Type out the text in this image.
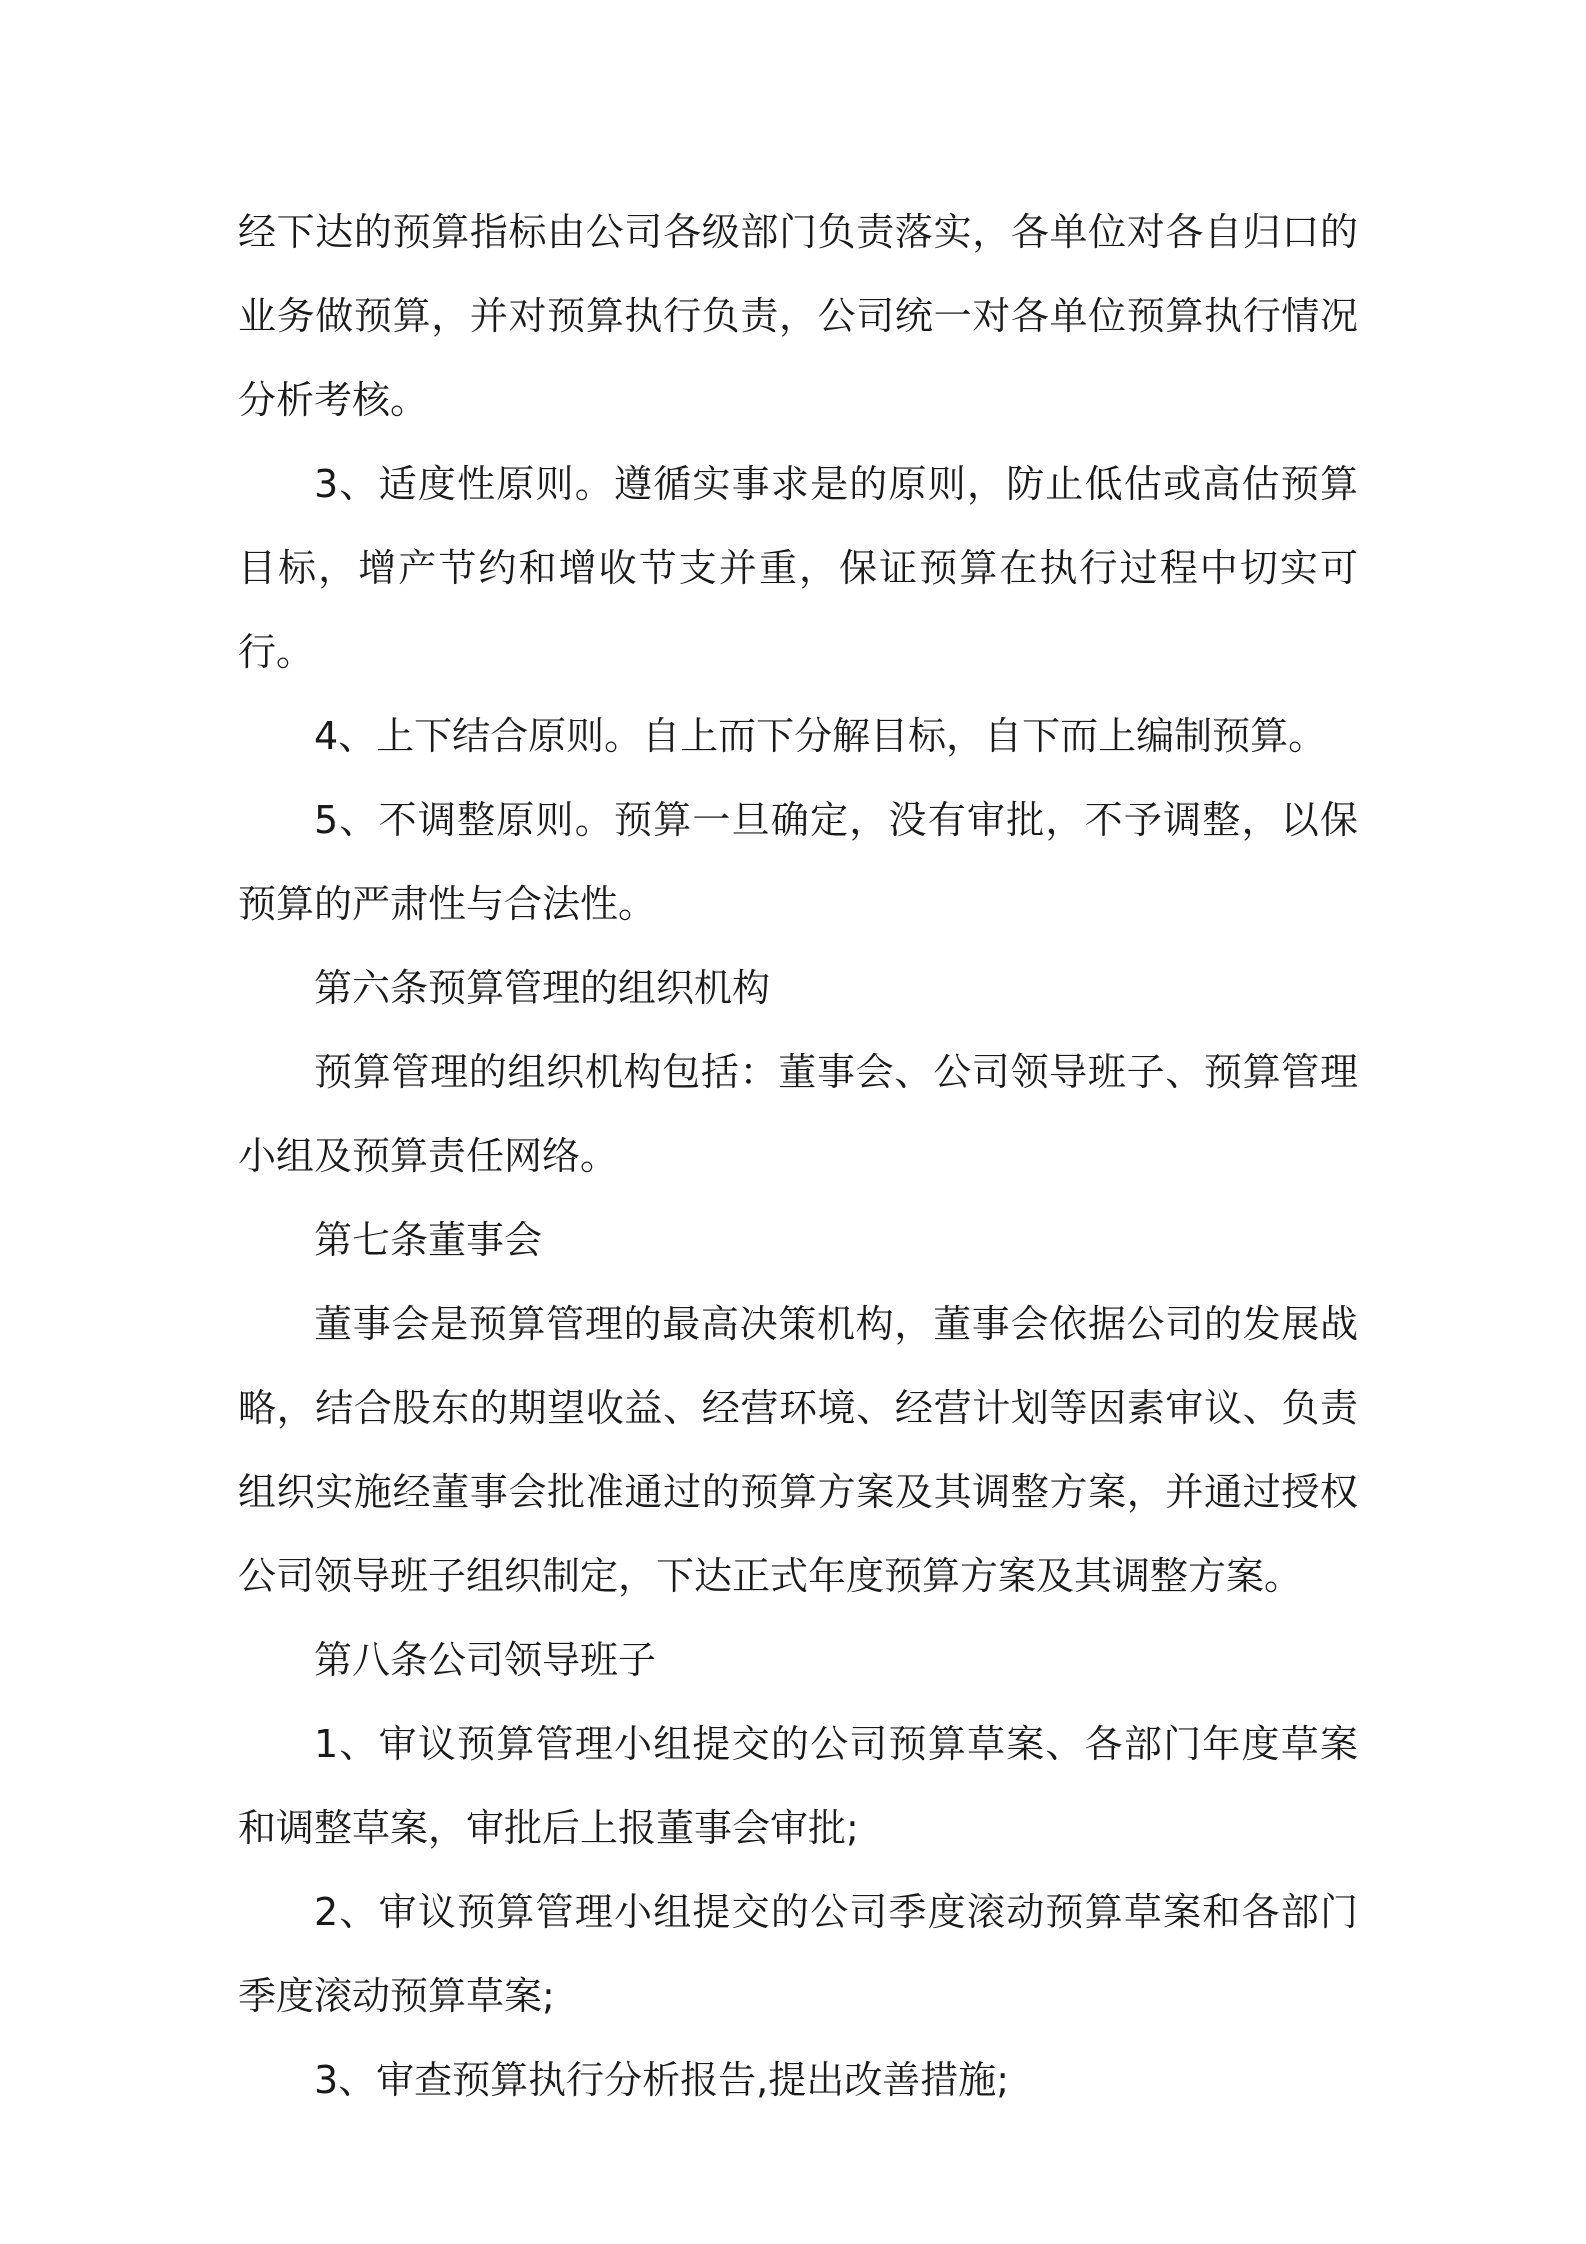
经下达的预算指标由公司各级部门负责落实，各单位对各自归口的业务做预算，并对预算执行负责，公司统一对各单位预算执行情况分析考核。

3、适度性原则。遵循实事求是的原则，防止低估或高估预算目标，增产节约和增收节支并重，保证预算在执行过程中切实可行。

4、上下结合原则。自上而下分解目标，自下而上编制预算。

5、不调整原则。预算一旦确定，没有审批，不予调整，以保预算的严肃性与合法性。

第六条预算管理的组织机构

预算管理的组织机构包括：董事会、公司领导班子、预算管理小组及预算责任网络。

第七条董事会

董事会是预算管理的最高决策机构，董事会依据公司的发展战略，结合股东的期望收益、经营环境、经营计划等因素审议、负责组织实施经董事会批准通过的预算方案及其调整方案，并通过授权公司领导班子组织制定，下达正式年度预算方案及其调整方案。

第八条公司领导班子

1、审议预算管理小组提交的公司预算草案、各部门年度草案和调整草案，审批后上报董事会审批;

2、审议预算管理小组提交的公司季度滚动预算草案和各部门季度滚动预算草案;

3、审查预算执行分析报告,提出改善措施;
